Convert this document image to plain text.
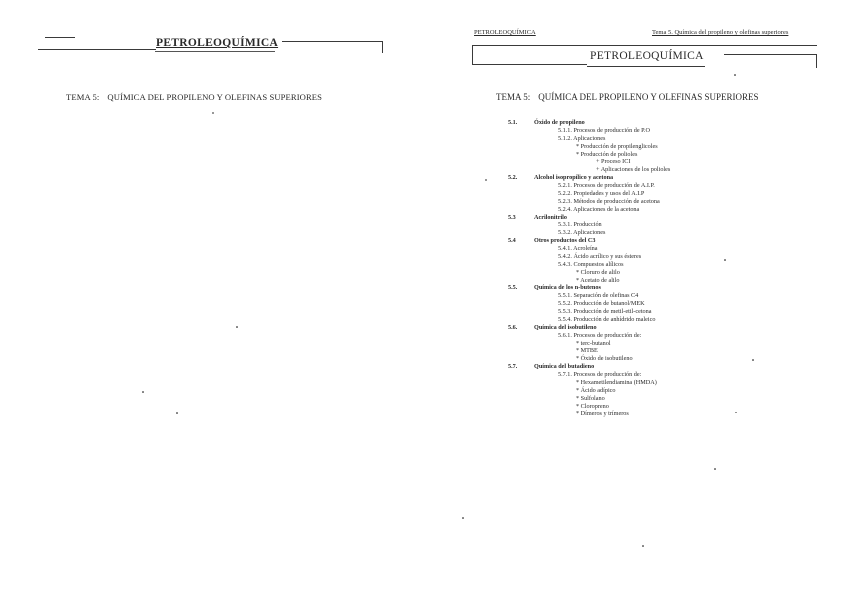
PETROLEOQUÍMICA
TEMA 5: QUÍMICA DEL PROPILENO Y OLEFINAS SUPERIORES
PETROLEOQUÍMICA	Tema 5. Química del propileno y olefinas superiores
PETROLEOQUÍMICA
TEMA 5: QUÍMICA DEL PROPILENO Y OLEFINAS SUPERIORES
5.1.	Óxido de propileno
5.1.1. Procesos de producción de P.O
5.1.2. Aplicaciones
* Producción de propilenglicoles
* Producción de polioles
+ Proceso ICI
+ Aplicaciones de los polioles
5.2.	Alcohol isopropílico y acetona
5.2.1. Procesos de producción de A.I.P.
5.2.2. Propiedades y usos del A.I.P
5.2.3. Métodos de producción de acetona
5.2.4. Aplicaciones de la acetona
5.3	Acrilonitrilo
5.3.1. Producción
5.3.2. Aplicaciones
5.4	Otros productos del C3
5.4.1. Acroleína
5.4.2. Ácido acrílico y sus ésteres
5.4.3. Compuestos alílicos
* Cloruro de alilo
* Acetato de alilo
5.5.	Química de los n-butenos
5.5.1. Separación de olefinas C4
5.5.2. Producción de butanol/MEK
5.5.3. Producción de metil-etil-cetona
5.5.4. Producción de anhídrido maleico
5.6.	Química del isobutileno
5.6.1. Procesos de producción de:
* terc-butanol
* MTBE
* Óxido de isobutileno
5.7.	Química del butadieno
5.7.1. Procesos de producción de:
* Hexametilendiamina (HMDA)
* Ácido adípico
* Sulfolano
* Cloropreno
* Dímeros y trímeros
